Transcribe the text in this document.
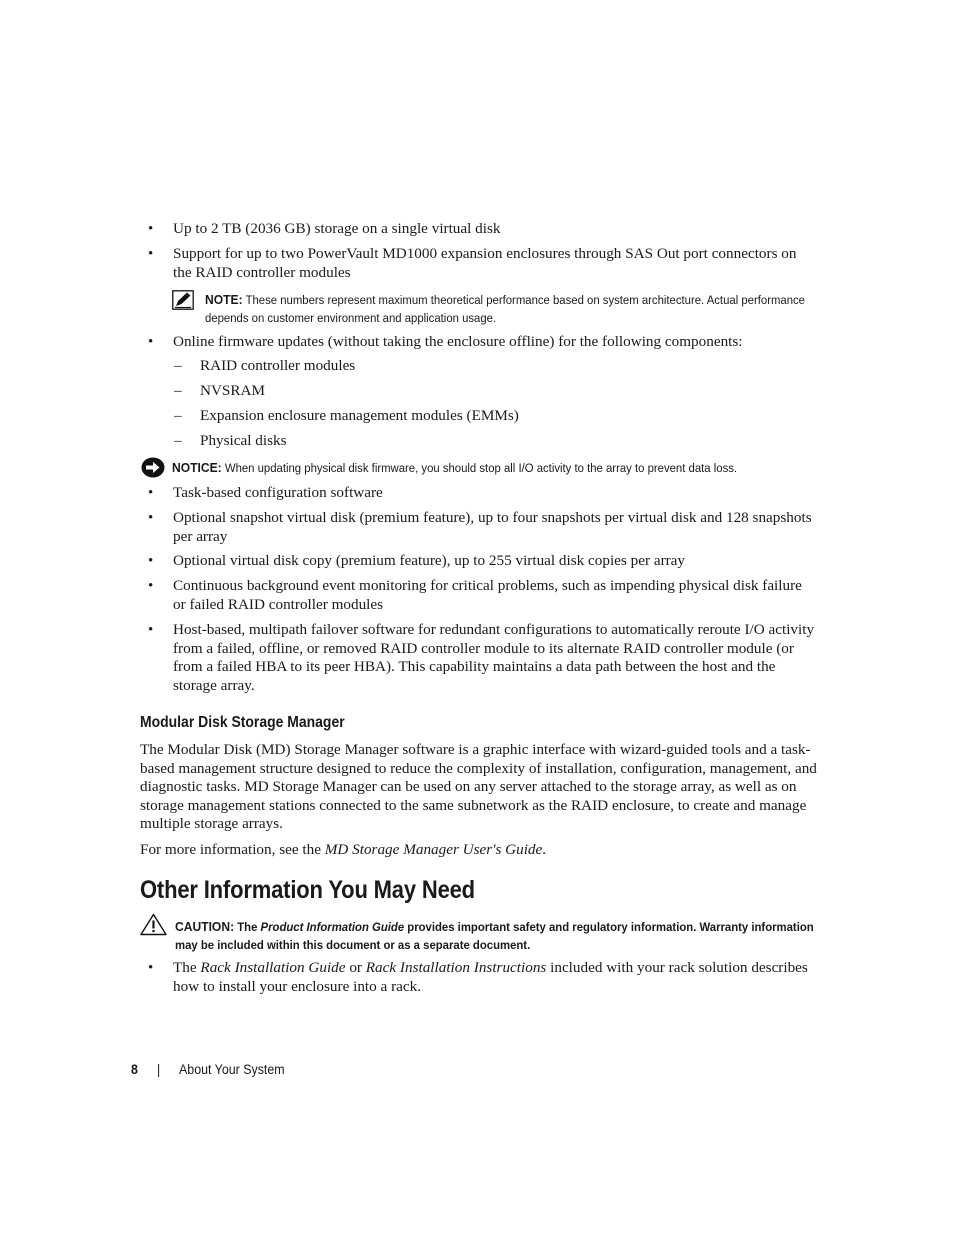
• Up to 2 TB (2036 GB) storage on a single virtual disk
• Support for up to two PowerVault MD1000 expansion enclosures through SAS Out port connectors on the RAID controller modules
NOTE: These numbers represent maximum theoretical performance based on system architecture. Actual performance depends on customer environment and application usage.
• Online firmware updates (without taking the enclosure offline) for the following components:
– RAID controller modules
– NVSRAM
– Expansion enclosure management modules (EMMs)
– Physical disks
NOTICE: When updating physical disk firmware, you should stop all I/O activity to the array to prevent data loss.
• Task-based configuration software
• Optional snapshot virtual disk (premium feature), up to four snapshots per virtual disk and 128 snapshots per array
• Optional virtual disk copy (premium feature), up to 255 virtual disk copies per array
• Continuous background event monitoring for critical problems, such as impending physical disk failure or failed RAID controller modules
• Host-based, multipath failover software for redundant configurations to automatically reroute I/O activity from a failed, offline, or removed RAID controller module to its alternate RAID controller module (or from a failed HBA to its peer HBA). This capability maintains a data path between the host and the storage array.
Modular Disk Storage Manager
The Modular Disk (MD) Storage Manager software is a graphic interface with wizard-guided tools and a task-based management structure designed to reduce the complexity of installation, configuration, management, and diagnostic tasks. MD Storage Manager can be used on any server attached to the storage array, as well as on storage management stations connected to the same subnetwork as the RAID enclosure, to create and manage multiple storage arrays.
For more information, see the MD Storage Manager User's Guide.
Other Information You May Need
CAUTION: The Product Information Guide provides important safety and regulatory information. Warranty information may be included within this document or as a separate document.
• The Rack Installation Guide or Rack Installation Instructions included with your rack solution describes how to install your enclosure into a rack.
8 | About Your System
